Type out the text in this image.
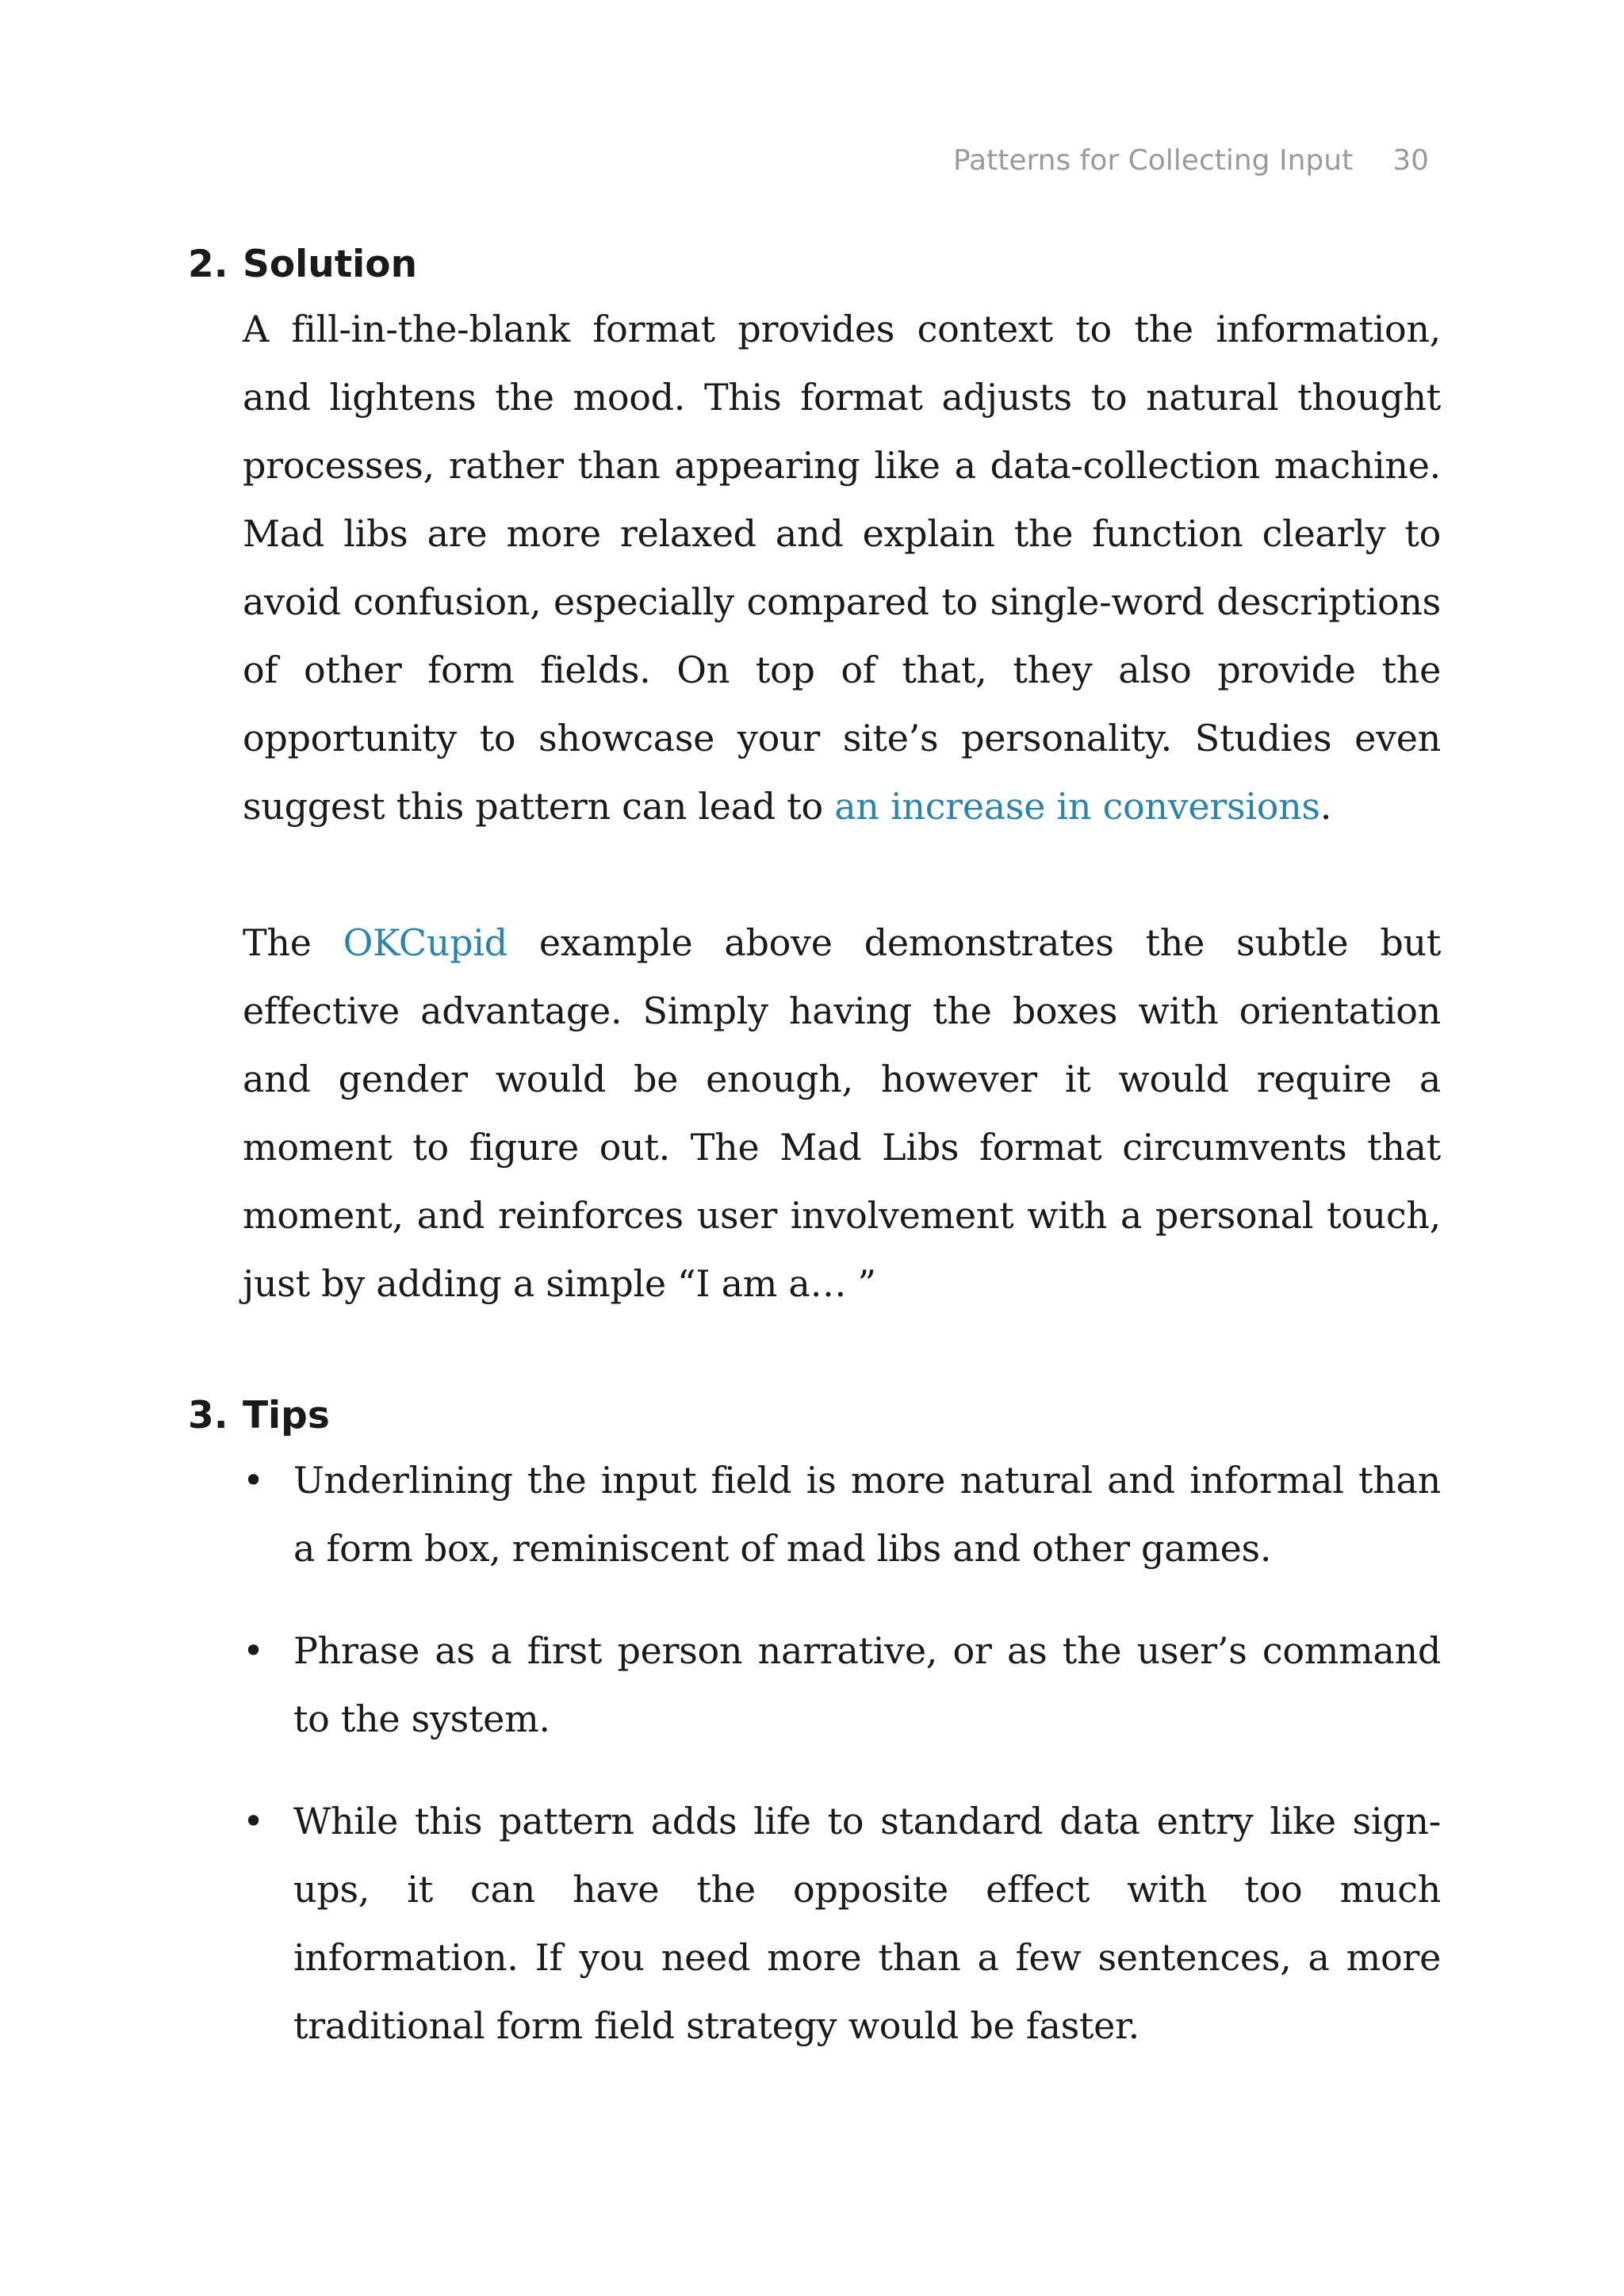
Patterns for Collecting Input 30
2. Solution

A fill-in-the-blank format provides context to the information, and lightens the mood. This format adjusts to natural thought processes, rather than appearing like a data-collection machine. Mad libs are more relaxed and explain the function clearly to avoid confusion, especially compared to single-word descriptions of other form fields. On top of that, they also provide the opportunity to showcase your site’s personality. Studies even suggest this pattern can lead to an increase in conversions.

The OKCupid example above demonstrates the subtle but effective advantage. Simply having the boxes with orientation and gender would be enough, however it would require a moment to figure out. The Mad Libs format circumvents that moment, and reinforces user involvement with a personal touch, just by adding a simple “I am a… ”

3. Tips
• Underlining the input field is more natural and informal than a form box, reminiscent of mad libs and other games.
• Phrase as a first person narrative, or as the user’s command to the system.
• While this pattern adds life to standard data entry like sign-ups, it can have the opposite effect with too much information. If you need more than a few sentences, a more traditional form field strategy would be faster.
